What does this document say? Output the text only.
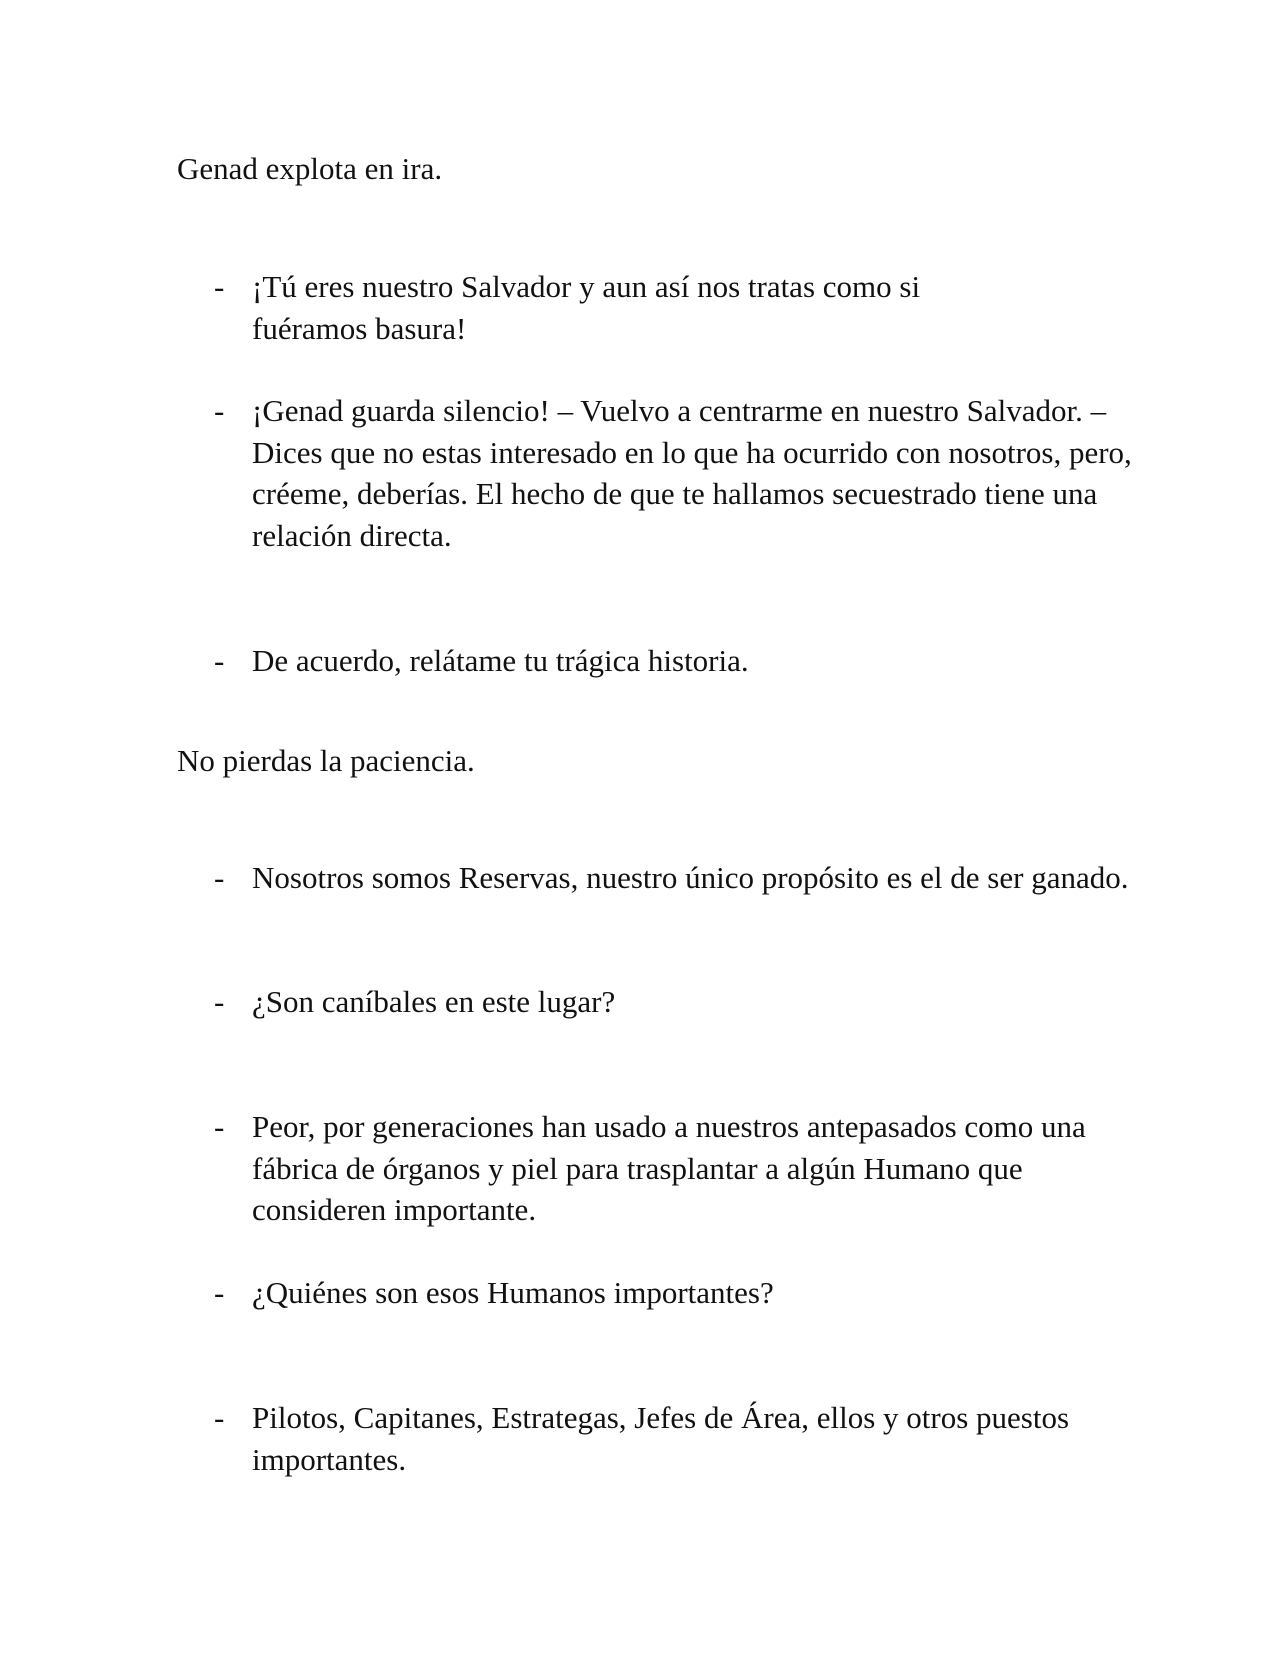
Genad explota en ira.

- ¡Tú eres nuestro Salvador y aun así nos tratas como si fuéramos basura!

- ¡Genad guarda silencio! – Vuelvo a centrarme en nuestro Salvador. – Dices que no estas interesado en lo que ha ocurrido con nosotros, pero, créeme, deberías. El hecho de que te hallamos secuestrado tiene una relación directa.

- De acuerdo, relátame tu trágica historia.

No pierdas la paciencia.

- Nosotros somos Reservas, nuestro único propósito es el de ser ganado.

- ¿Son caníbales en este lugar?

- Peor, por generaciones han usado a nuestros antepasados como una fábrica de órganos y piel para trasplantar a algún Humano que consideren importante.

- ¿Quiénes son esos Humanos importantes?

- Pilotos, Capitanes, Estrategas, Jefes de Área, ellos y otros puestos importantes.
